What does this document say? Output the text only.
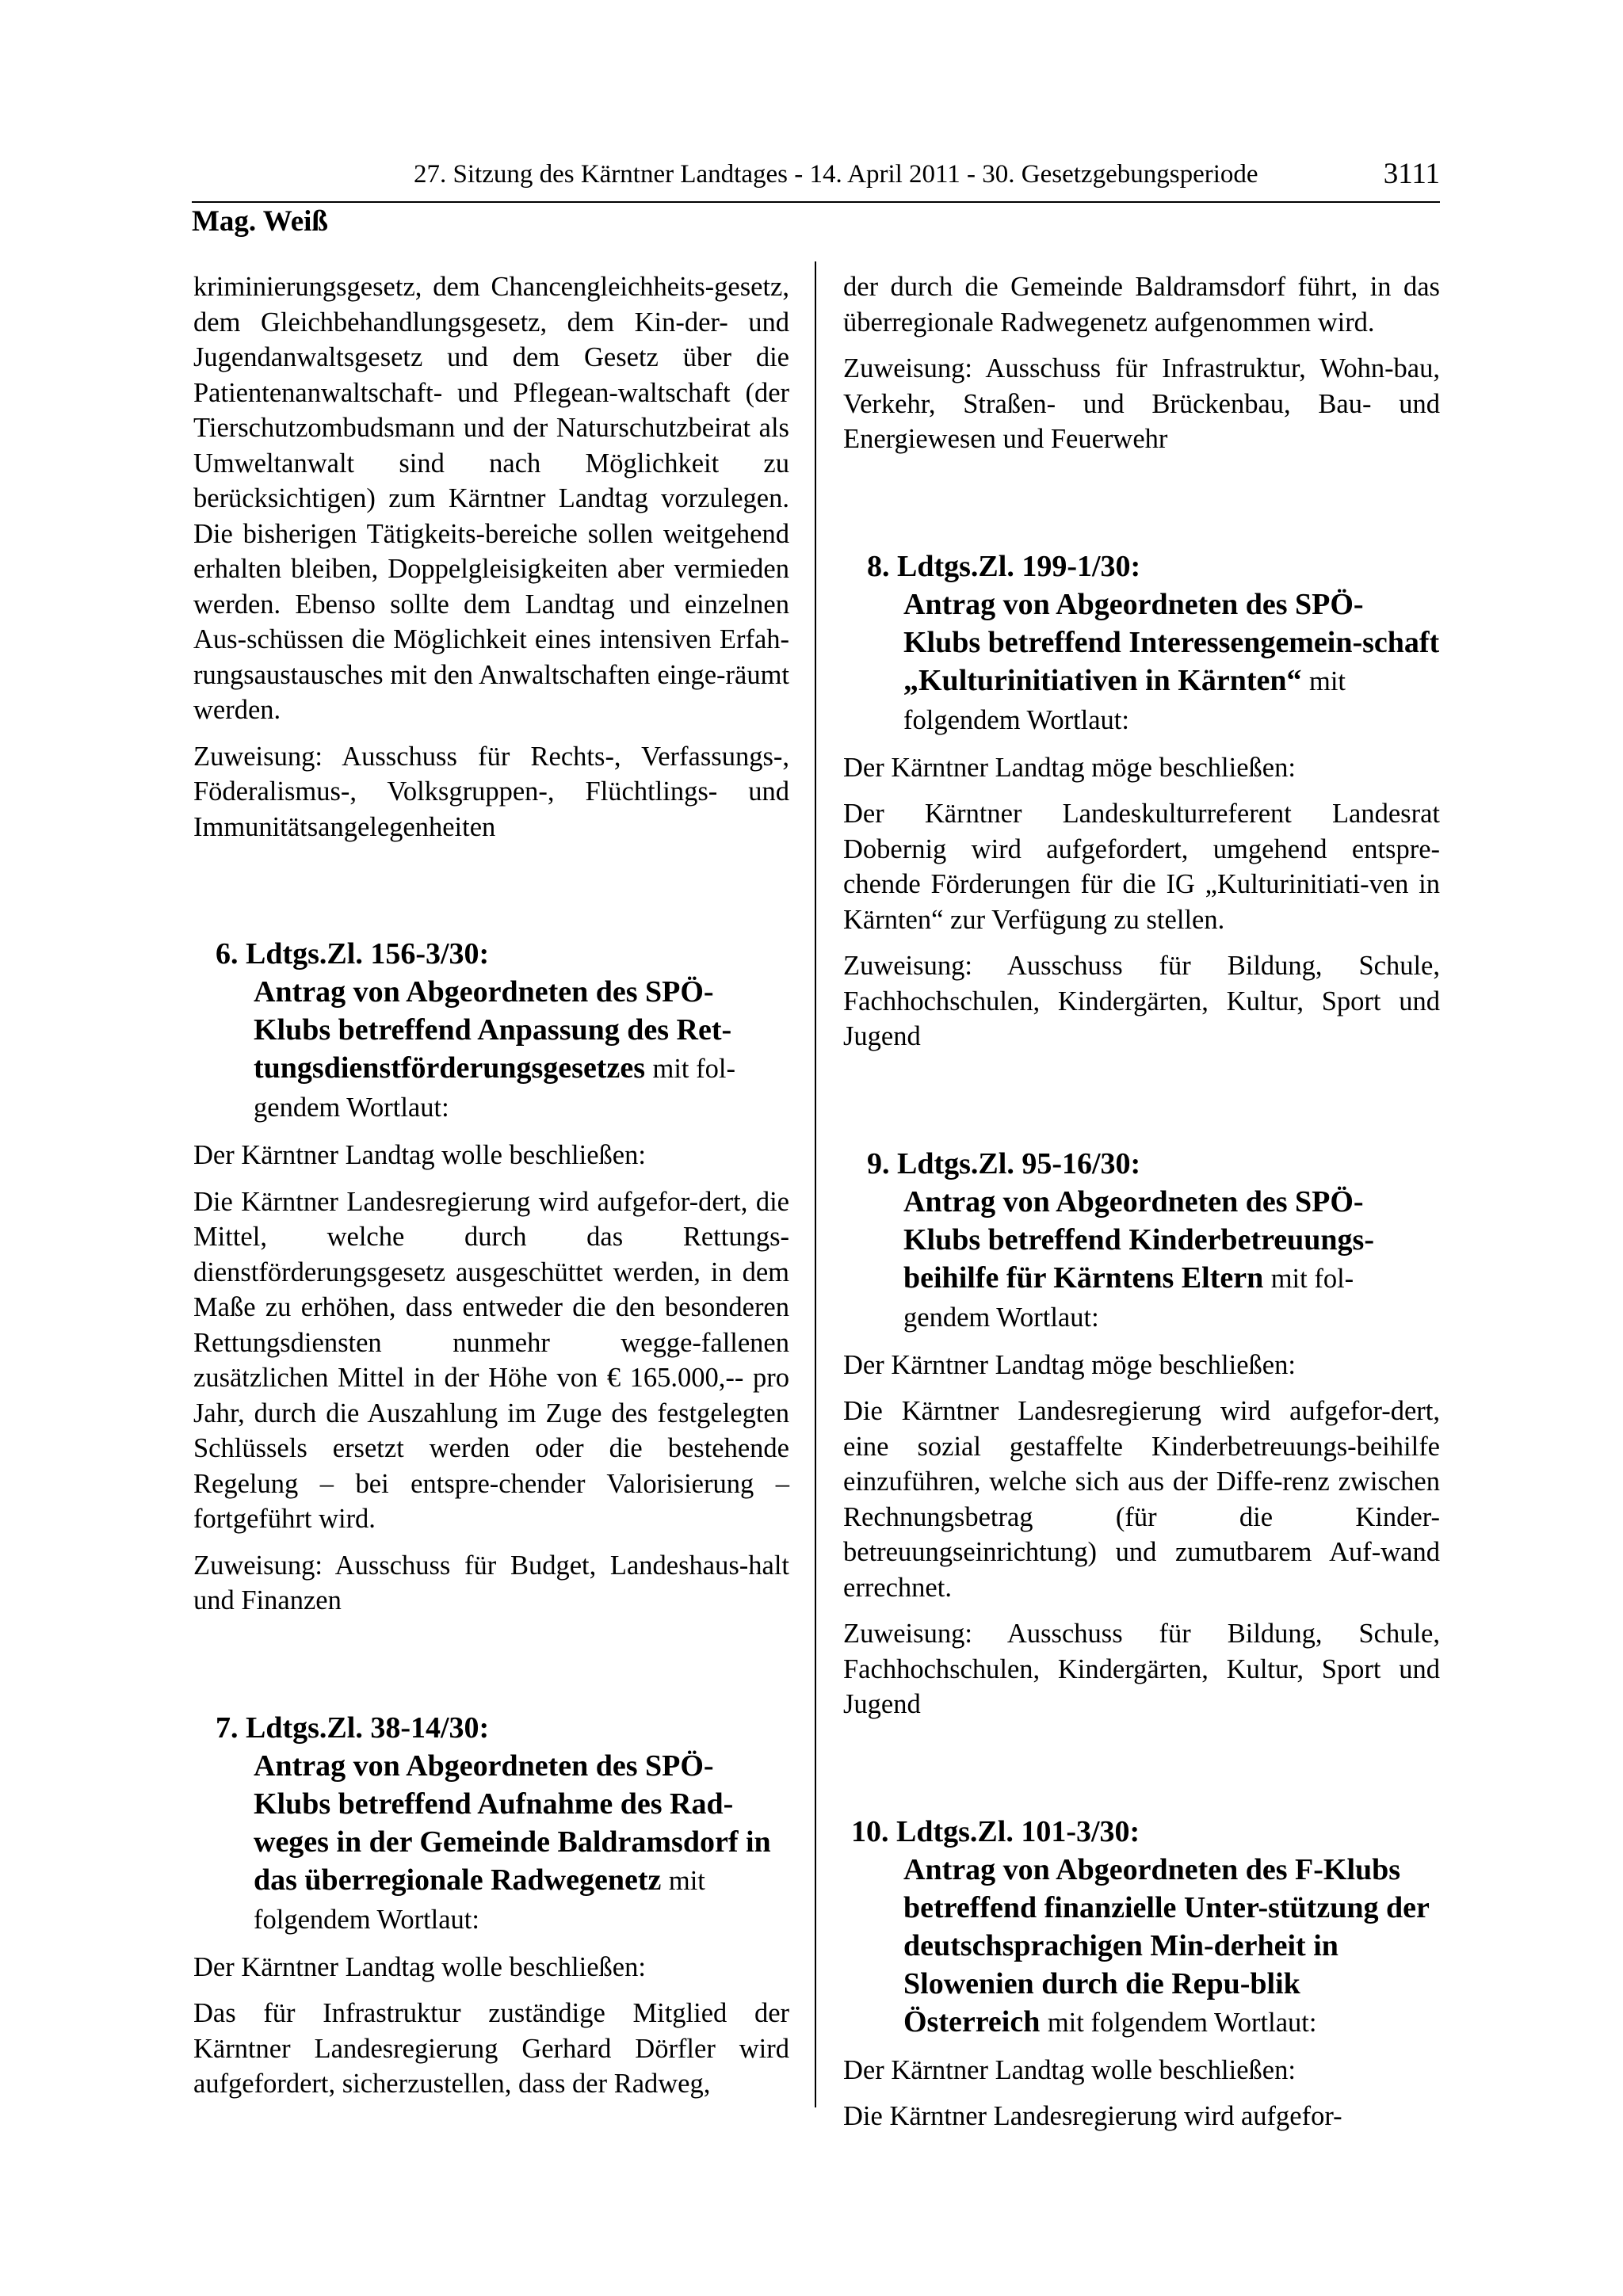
27. Sitzung des Kärntner Landtages - 14. April 2011 - 30. Gesetzgebungsperiode	3111
Mag. Weiß

kriminierungsgesetz, dem Chancengleichheits-gesetz, dem Gleichbehandlungsgesetz, dem Kin-der- und Jugendanwaltsgesetz und dem Gesetz über die Patientenanwaltschaft- und Pflegean-waltschaft (der Tierschutzombudsmann und der Naturschutzbeirat als Umweltanwalt sind nach Möglichkeit zu berücksichtigen) zum Kärntner Landtag vorzulegen. Die bisherigen Tätigkeits-bereiche sollen weitgehend erhalten bleiben, Doppelgleisigkeiten aber vermieden werden. Ebenso sollte dem Landtag und einzelnen Aus-schüssen die Möglichkeit eines intensiven Erfah-rungsaustausches mit den Anwaltschaften einge-räumt werden.

Zuweisung: Ausschuss für Rechts-, Verfassungs-, Föderalismus-, Volksgruppen-, Flüchtlings- und Immunitätsangelegenheiten

6. Ldtgs.Zl. 156-3/30:
Antrag von Abgeordneten des SPÖ-Klubs betreffend Anpassung des Ret-tungsdienstförderungsgesetzes mit fol-gendem Wortlaut:

Der Kärntner Landtag wolle beschließen:

Die Kärntner Landesregierung wird aufgefor-dert, die Mittel, welche durch das Rettungs-dienstförderungsgesetz ausgeschüttet werden, in dem Maße zu erhöhen, dass entweder die den besonderen Rettungsdiensten nunmehr wegge-fallenen zusätzlichen Mittel in der Höhe von € 165.000,-- pro Jahr, durch die Auszahlung im Zuge des festgelegten Schlüssels ersetzt werden oder die bestehende Regelung – bei entspre-chender Valorisierung – fortgeführt wird.

Zuweisung: Ausschuss für Budget, Landeshaus-halt und Finanzen

7. Ldtgs.Zl. 38-14/30:
Antrag von Abgeordneten des SPÖ-Klubs betreffend Aufnahme des Rad-weges in der Gemeinde Baldramsdorf in das überregionale Radwegenetz mit folgendem Wortlaut:

Der Kärntner Landtag wolle beschließen:

Das für Infrastruktur zuständige Mitglied der Kärntner Landesregierung Gerhard Dörfler wird aufgefordert, sicherzustellen, dass der Radweg,

der durch die Gemeinde Baldramsdorf führt, in das überregionale Radwegenetz aufgenommen wird.

Zuweisung: Ausschuss für Infrastruktur, Wohn-bau, Verkehr, Straßen- und Brückenbau, Bau- und Energiewesen und Feuerwehr

8. Ldtgs.Zl. 199-1/30:
Antrag von Abgeordneten des SPÖ-Klubs betreffend Interessengemein-schaft „Kulturinitiativen in Kärnten“ mit folgendem Wortlaut:

Der Kärntner Landtag möge beschließen:

Der Kärntner Landeskulturreferent Landesrat Dobernig wird aufgefordert, umgehend entspre-chende Förderungen für die IG „Kulturinitiati-ven in Kärnten“ zur Verfügung zu stellen.

Zuweisung: Ausschuss für Bildung, Schule, Fachhochschulen, Kindergärten, Kultur, Sport und Jugend

9. Ldtgs.Zl. 95-16/30:
Antrag von Abgeordneten des SPÖ-Klubs betreffend Kinderbetreuungs-beihilfe für Kärntens Eltern mit fol-gendem Wortlaut:

Der Kärntner Landtag möge beschließen:

Die Kärntner Landesregierung wird aufgefor-dert, eine sozial gestaffelte Kinderbetreuungs-beihilfe einzuführen, welche sich aus der Diffe-renz zwischen Rechnungsbetrag (für die Kinder-betreuungseinrichtung) und zumutbarem Auf-wand errechnet.

Zuweisung: Ausschuss für Bildung, Schule, Fachhochschulen, Kindergärten, Kultur, Sport und Jugend

10. Ldtgs.Zl. 101-3/30:
Antrag von Abgeordneten des F-Klubs betreffend finanzielle Unter-stützung der deutschsprachigen Min-derheit in Slowenien durch die Repu-blik Österreich mit folgendem Wortlaut:

Der Kärntner Landtag wolle beschließen:

Die Kärntner Landesregierung wird aufgefor-
